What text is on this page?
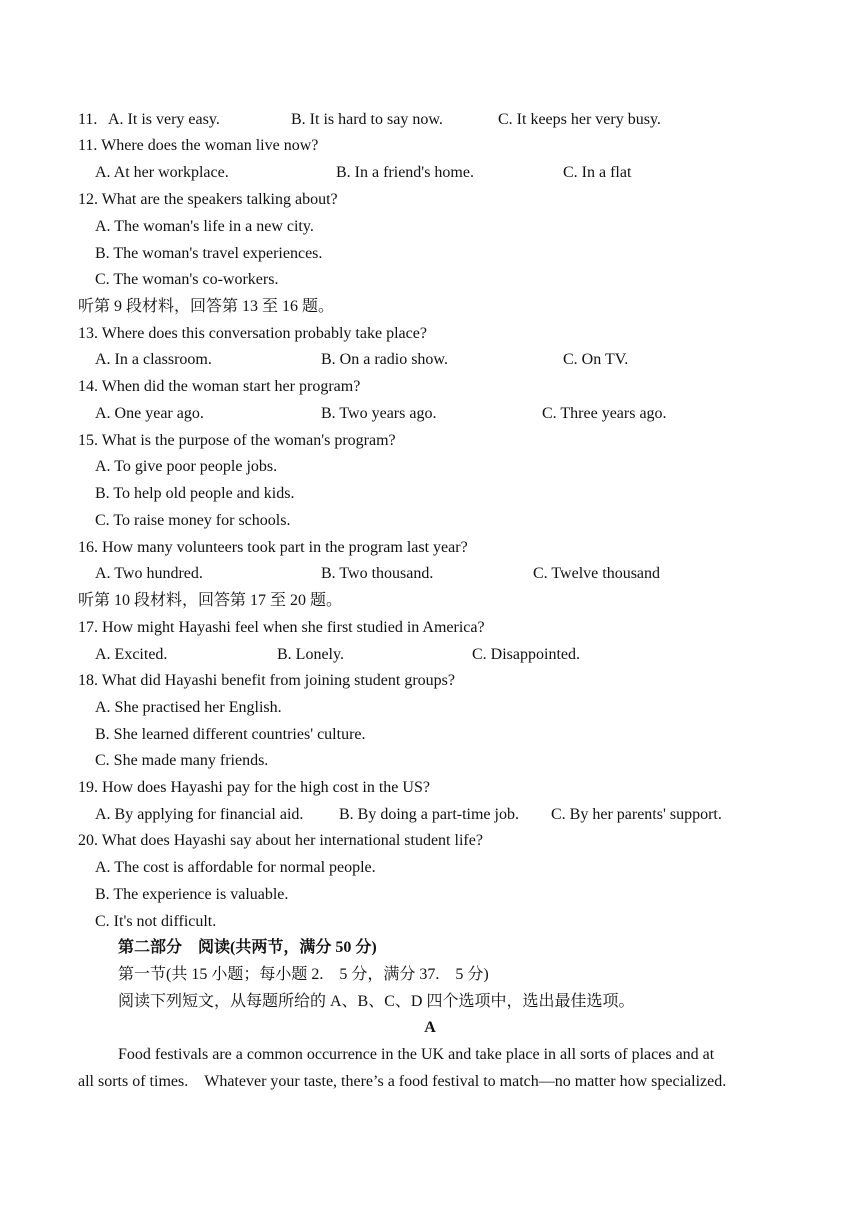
11. A. It is very easy.	B. It is hard to say now.	C. It keeps her very busy.
11. Where does the woman live now?
A. At her workplace.	B. In a friend's home.	C. In a flat
12. What are the speakers talking about?
A. The woman's life in a new city.
B. The woman's travel experiences.
C. The woman's co-workers.
听第 9 段材料，回答第 13 至 16 题。
13. Where does this conversation probably take place?
A. In a classroom.	B. On a radio show.	C. On TV.
14. When did the woman start her program?
A. One year ago.	B. Two years ago.	C. Three years ago.
15. What is the purpose of the woman's program?
A. To give poor people jobs.
B. To help old people and kids.
C. To raise money for schools.
16. How many volunteers took part in the program last year?
A. Two hundred.	B. Two thousand.	C. Twelve thousand
听第 10 段材料，回答第 17 至 20 题。
17. How might Hayashi feel when she first studied in America?
A. Excited.	B. Lonely.	C. Disappointed.
18. What did Hayashi benefit from joining student groups?
A. She practised her English.
B. She learned different countries' culture.
C. She made many friends.
19. How does Hayashi pay for the high cost in the US?
A. By applying for financial aid. B. By doing a part-time job. C. By her parents' support.
20. What does Hayashi say about her international student life?
A. The cost is affordable for normal people.
B. The experience is valuable.
C. It's not difficult.
第二部分　阅读(共两节，满分 50 分)
第一节(共 15 小题；每小题 2.　5 分，满分 37.　5 分)
阅读下列短文，从每题所给的 A、B、C、D 四个选项中，选出最佳选项。
A
Food festivals are a common occurrence in the UK and take place in all sorts of places and at
all sorts of times.　Whatever your taste, there’s a food festival to match—no matter how specialized.
